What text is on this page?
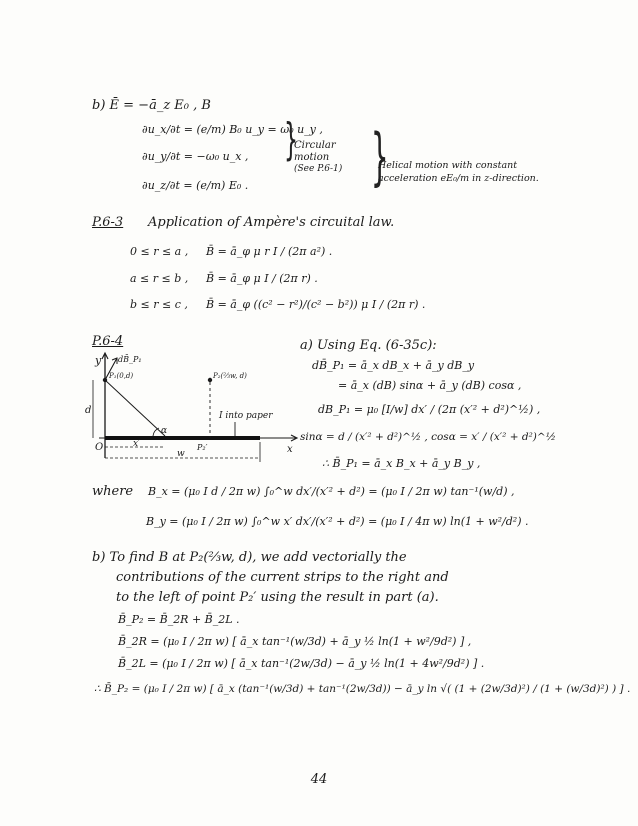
b) Ē = −ā_z E₀ , B
∂u_x/∂t = (e/m) B₀ u_y = ω₀ u_y ,
∂u_y/∂t = −ω₀ u_x ,
∂u_z/∂t = (e/m) E₀ .
}
Circular
motion
(See P.6-1) }
Helical motion with constant
acceleration eE₀/m in z-direction.
P.6-3 Application of Ampère's circuital law.
0 ≤ r ≤ a , B̄ = ā_φ μ r I / (2π a²) .
a ≤ r ≤ b , B̄ = ā_φ μ I / (2π r) .
b ≤ r ≤ c , B̄ = ā_φ ((c² − r²)/(c² − b²)) μ I / (2π r) .
P.6-4
y dB̄_P₁
P₁(0,d)	P₂(⅔w, d)
d
α
I into paper
O	x
x′
w
P₂′
a) Using Eq. (6-35c):
dB̄_P₁ = ā_x dB_x + ā_y dB_y
= ā_x (dB) sinα + ā_y (dB) cosα ,
dB_P₁ = μ₀ [I/w] dx′ / (2π (x′² + d²)^½) ,
sinα = d / (x′² + d²)^½ , cosα = x′ / (x′² + d²)^½
∴ B̄_P₁ = ā_x B_x + ā_y B_y ,
where B_x = (μ₀ I d / 2π w) ∫₀^w dx′/(x′² + d²) = (μ₀ I / 2π w) tan⁻¹(w/d) ,
B_y = (μ₀ I / 2π w) ∫₀^w x′ dx′/(x′² + d²) = (μ₀ I / 4π w) ln(1 + w²/d²) .
b) To find B at P₂(⅔w, d), we add vectorially the
contributions of the current strips to the right and
to the left of point P₂′ using the result in part (a).
B̄_P₂ = B̄_2R + B̄_2L .
B̄_2R = (μ₀ I / 2π w) [ ā_x tan⁻¹(w/3d) + ā_y ½ ln(1 + w²/9d²) ] ,
B̄_2L = (μ₀ I / 2π w) [ ā_x tan⁻¹(2w/3d) − ā_y ½ ln(1 + 4w²/9d²) ] .
∴ B̄_P₂ = (μ₀ I / 2π w) [ ā_x (tan⁻¹(w/3d) + tan⁻¹(2w/3d)) − ā_y ln √( (1 + (2w/3d)²) / (1 + (w/3d)²) ) ] .
44
